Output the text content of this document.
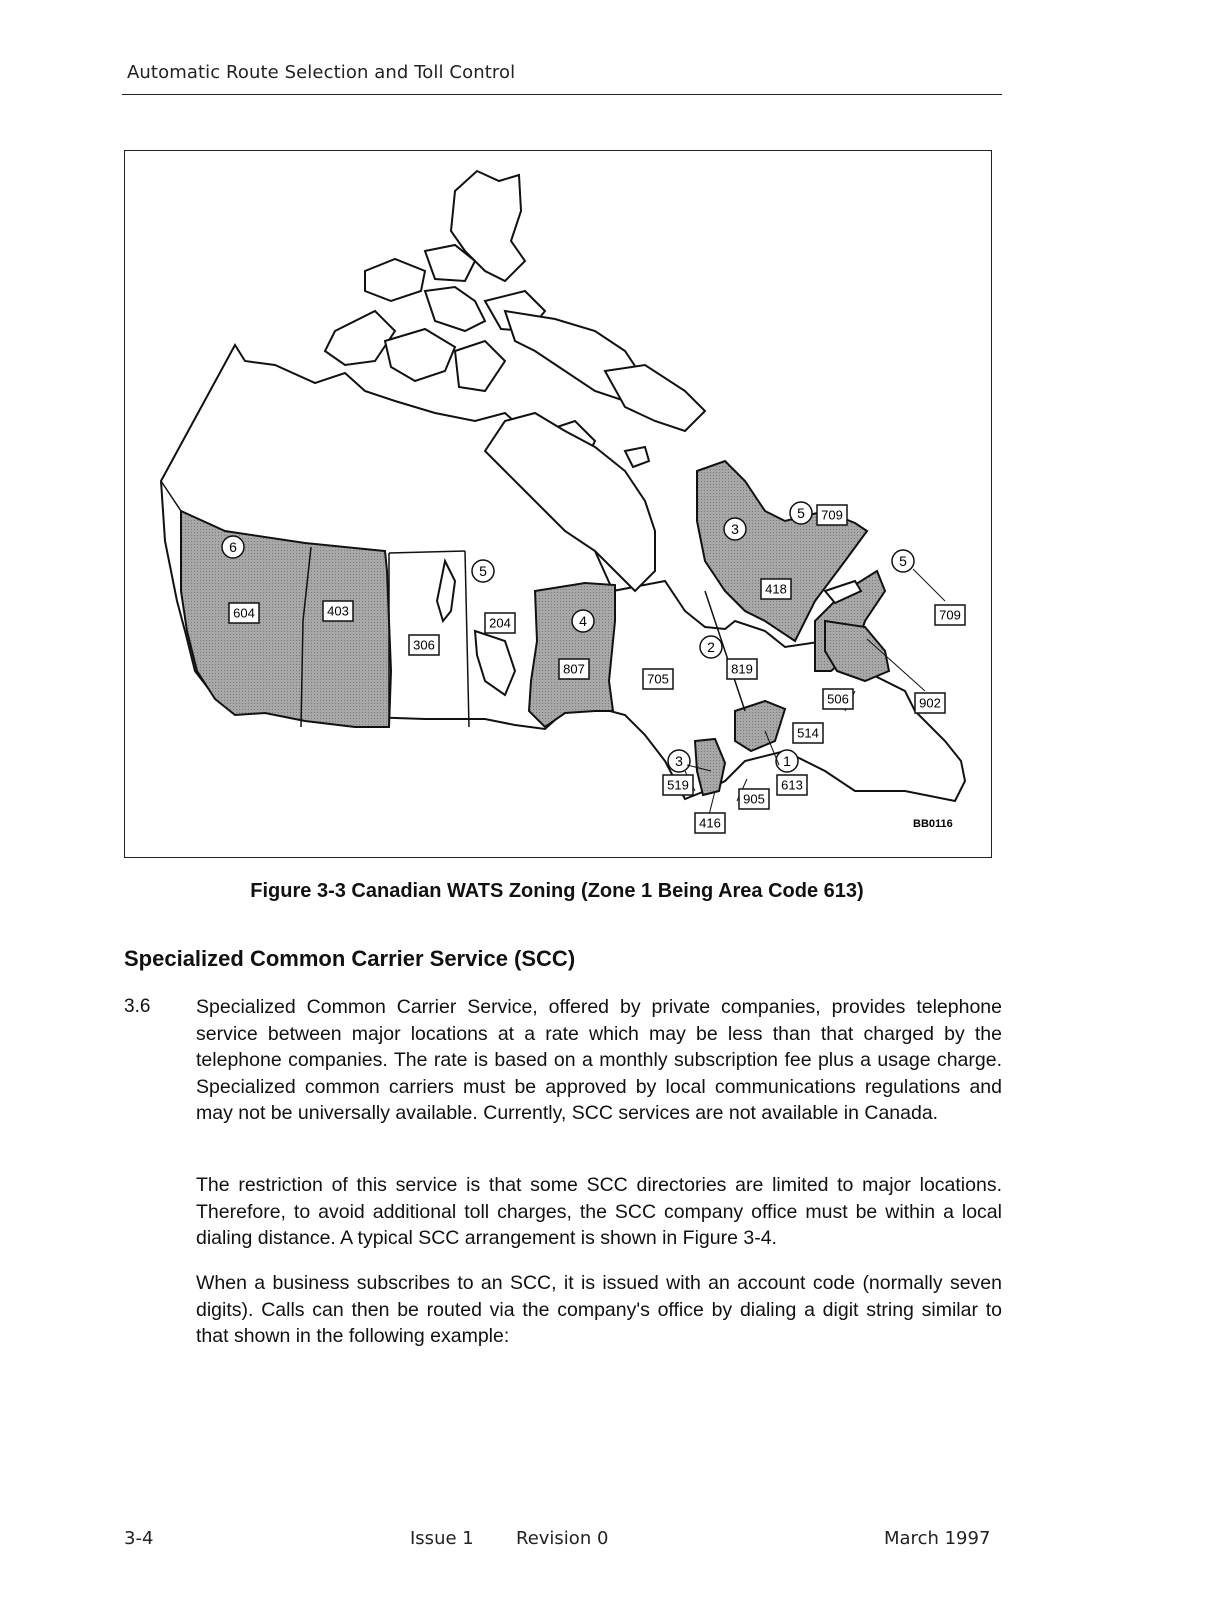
Automatic Route Selection and Toll Control
6
5
4
3
2
1
3
5
5
604	403
306
204
807
705
819
418
709
709
506	902
514
613
905
519
416	BB0116
Figure 3-3 Canadian WATS Zoning (Zone 1 Being Area Code 613)
Specialized Common Carrier Service (SCC)
3.6 Specialized Common Carrier Service, offered by private companies, provides telephone service between major locations at a rate which may be less than that charged by the telephone companies. The rate is based on a monthly subscription fee plus a usage charge. Specialized common carriers must be approved by local communications regulations and may not be universally available. Currently, SCC services are not available in Canada.
The restriction of this service is that some SCC directories are limited to major locations. Therefore, to avoid additional toll charges, the SCC company office must be within a local dialing distance. A typical SCC arrangement is shown in Figure 3-4.
When a business subscribes to an SCC, it is issued with an account code (normally seven digits). Calls can then be routed via the company's office by dialing a digit string similar to that shown in the following example:
3-4	Issue 1 Revision 0	March 1997
